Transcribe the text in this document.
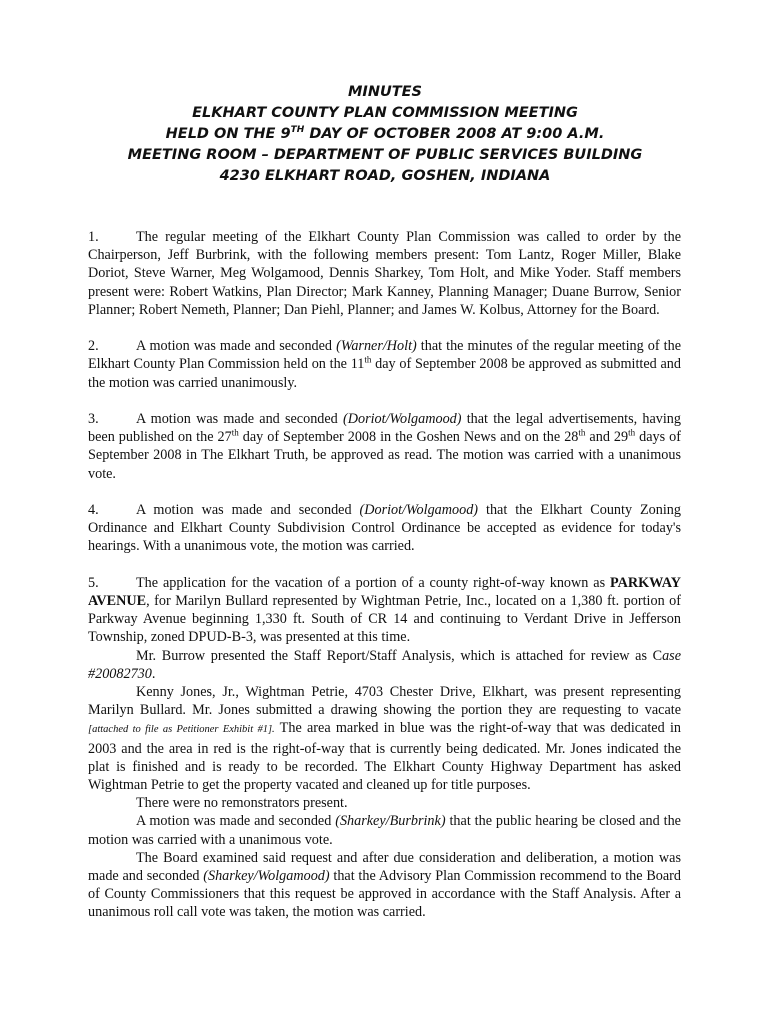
MINUTES
ELKHART COUNTY PLAN COMMISSION MEETING
HELD ON THE 9TH DAY OF OCTOBER 2008 AT 9:00 A.M.
MEETING ROOM – DEPARTMENT OF PUBLIC SERVICES BUILDING
4230 ELKHART ROAD, GOSHEN, INDIANA

1.	The regular meeting of the Elkhart County Plan Commission was called to order by the Chairperson, Jeff Burbrink, with the following members present: Tom Lantz, Roger Miller, Blake Doriot, Steve Warner, Meg Wolgamood, Dennis Sharkey, Tom Holt, and Mike Yoder. Staff members present were: Robert Watkins, Plan Director; Mark Kanney, Planning Manager; Duane Burrow, Senior Planner; Robert Nemeth, Planner; Dan Piehl, Planner; and James W. Kolbus, Attorney for the Board.

2.	A motion was made and seconded (Warner/Holt) that the minutes of the regular meeting of the Elkhart County Plan Commission held on the 11th day of September 2008 be approved as submitted and the motion was carried unanimously.

3.	A motion was made and seconded (Doriot/Wolgamood) that the legal advertisements, having been published on the 27th day of September 2008 in the Goshen News and on the 28th and 29th days of September 2008 in The Elkhart Truth, be approved as read. The motion was carried with a unanimous vote.

4.	A motion was made and seconded (Doriot/Wolgamood) that the Elkhart County Zoning Ordinance and Elkhart County Subdivision Control Ordinance be accepted as evidence for today's hearings. With a unanimous vote, the motion was carried.

5.	The application for the vacation of a portion of a county right-of-way known as PARKWAY AVENUE, for Marilyn Bullard represented by Wightman Petrie, Inc., located on a 1,380 ft. portion of Parkway Avenue beginning 1,330 ft. South of CR 14 and continuing to Verdant Drive in Jefferson Township, zoned DPUD-B-3, was presented at this time.
Mr. Burrow presented the Staff Report/Staff Analysis, which is attached for review as Case #20082730.
Kenny Jones, Jr., Wightman Petrie, 4703 Chester Drive, Elkhart, was present representing Marilyn Bullard. Mr. Jones submitted a drawing showing the portion they are requesting to vacate [attached to file as Petitioner Exhibit #1]. The area marked in blue was the right-of-way that was dedicated in 2003 and the area in red is the right-of-way that is currently being dedicated. Mr. Jones indicated the plat is finished and is ready to be recorded. The Elkhart County Highway Department has asked Wightman Petrie to get the property vacated and cleaned up for title purposes.
There were no remonstrators present.
A motion was made and seconded (Sharkey/Burbrink) that the public hearing be closed and the motion was carried with a unanimous vote.
The Board examined said request and after due consideration and deliberation, a motion was made and seconded (Sharkey/Wolgamood) that the Advisory Plan Commission recommend to the Board of County Commissioners that this request be approved in accordance with the Staff Analysis. After a unanimous roll call vote was taken, the motion was carried.
